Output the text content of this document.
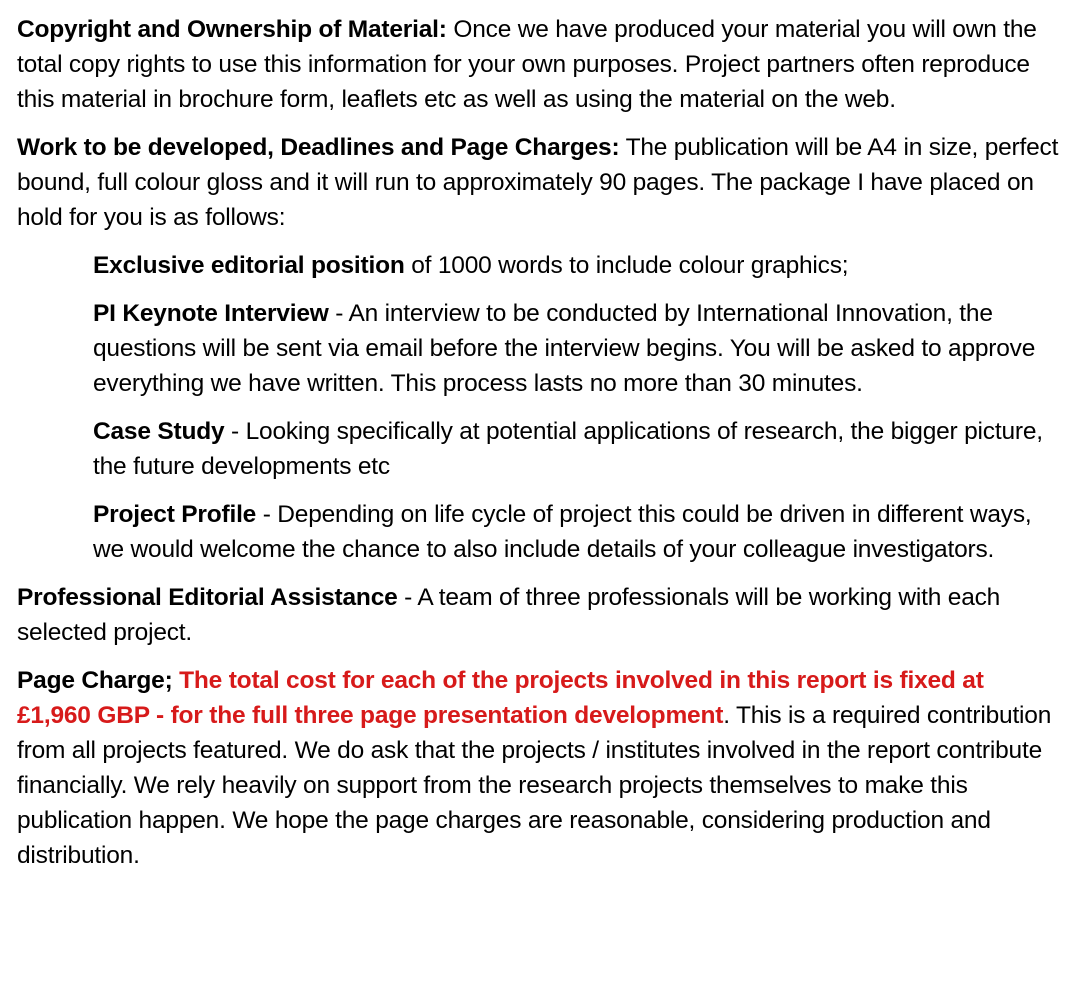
Copyright and Ownership of Material: Once we have produced your material you will own the total copy rights to use this information for your own purposes. Project partners often reproduce this material in brochure form, leaflets etc as well as using the material on the web.

Work to be developed, Deadlines and Page Charges: The publication will be A4 in size, perfect bound, full colour gloss and it will run to approximately 90 pages. The package I have placed on hold for you is as follows:

Exclusive editorial position of 1000 words to include colour graphics;

PI Keynote Interview - An interview to be conducted by International Innovation, the questions will be sent via email before the interview begins. You will be asked to approve everything we have written. This process lasts no more than 30 minutes.

Case Study - Looking specifically at potential applications of research, the bigger picture, the future developments etc

Project Profile - Depending on life cycle of project this could be driven in different ways, we would welcome the chance to also include details of your colleague investigators.

Professional Editorial Assistance - A team of three professionals will be working with each selected project.

Page Charge; The total cost for each of the projects involved in this report is fixed at £1,960 GBP - for the full three page presentation development. This is a required contribution from all projects featured. We do ask that the projects / institutes involved in the report contribute financially. We rely heavily on support from the research projects themselves to make this publication happen. We hope the page charges are reasonable, considering production and distribution.
